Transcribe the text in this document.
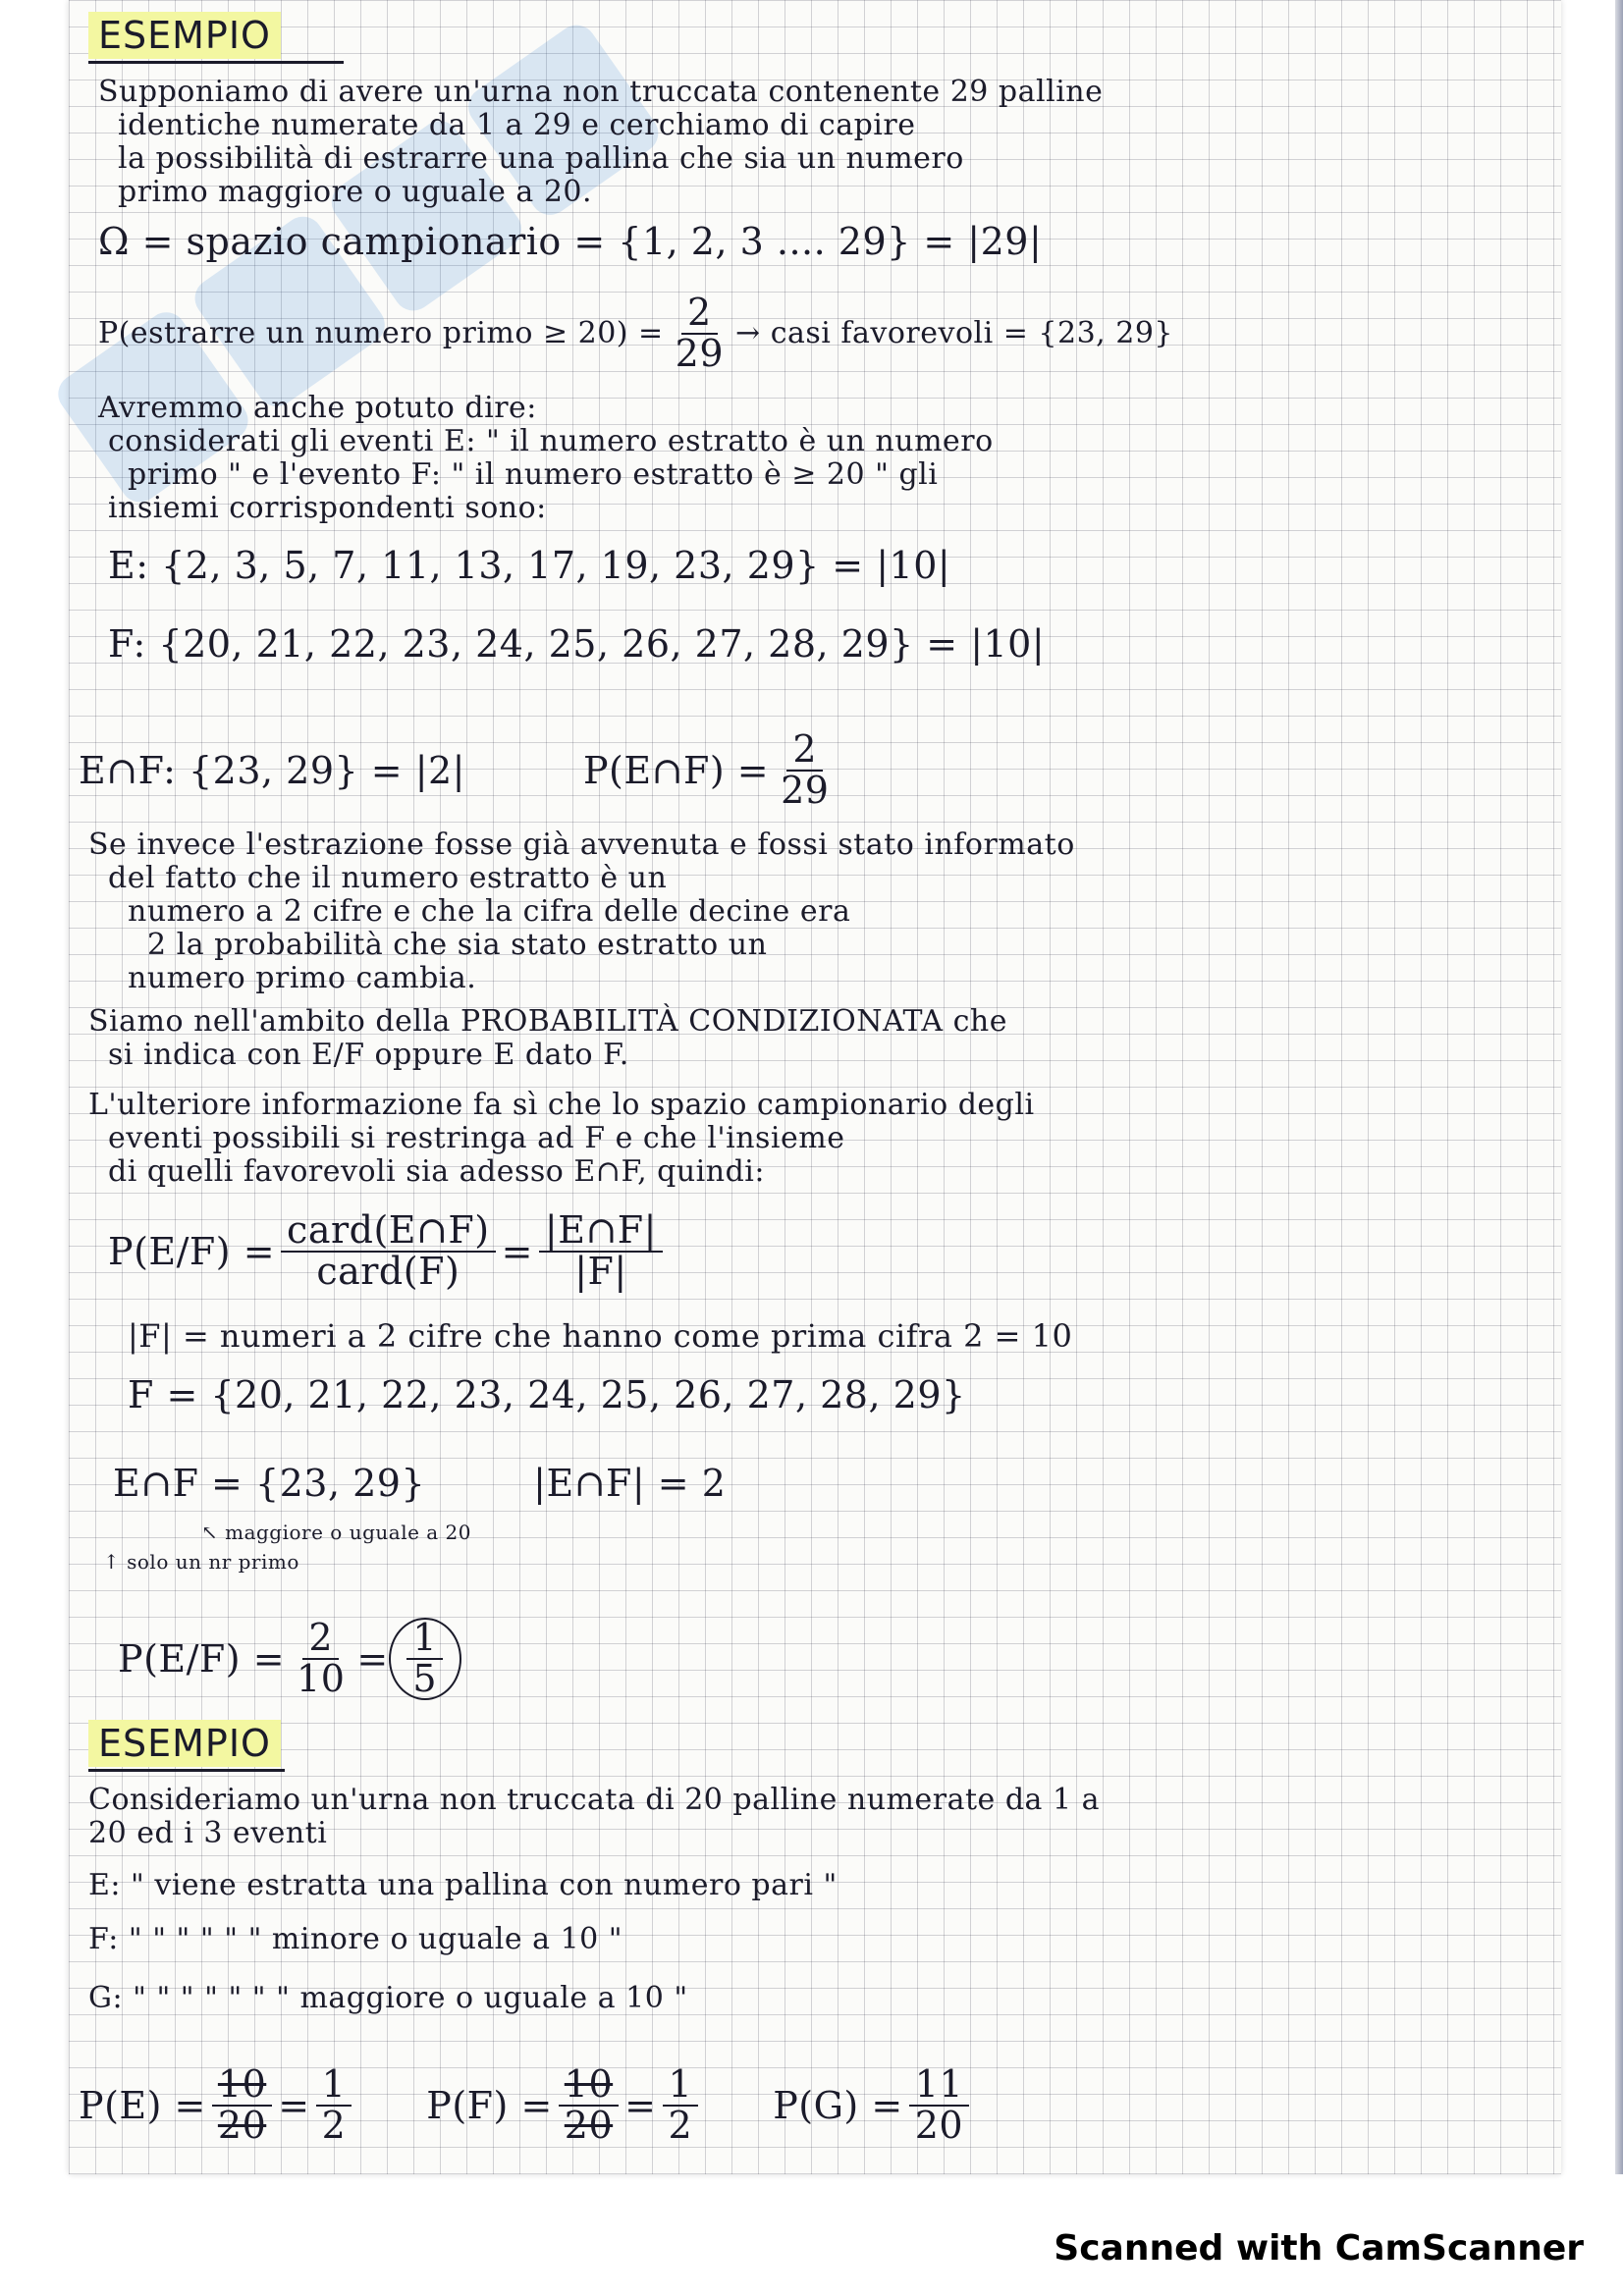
ESEMPIO
Supponiamo di avere un'urna non truccata contenente 29 palline
identiche numerate da 1 a 29 e cerchiamo di capire
la possibilità di estrarre una pallina che sia un numero
primo maggiore o uguale a 20.
Ω = spazio campionario = {1, 2, 3 .... 29} = |29|
P(estrarre un numero primo ≥ $20) = \frac{2}{29}$ → casi favorevoli = {23, 29}
Avremmo anche potuto dire:
considerati gli eventi E: " il numero estratto è un numero
primo " e l'evento F: " il numero estratto è ≥ 20 " gli
insiemi corrispondenti sono:
E: {2, 3, 5, 7, 11, 13, 17, 19, 23, 29} = |10|
F: {20, 21, 22, 23, 24, 25, 26, 27, 28, 29} = |10|
E∩F: {23, 29} = |2|	P(E∩F) = $\frac{2}{29}$
Se invece l'estrazione fosse già avvenuta e fossi stato informato
del fatto che il numero estratto è un
numero a 2 cifre e che la cifra delle decine era
2 la probabilità che sia stato estratto un
numero primo cambia.
Siamo nell'ambito della PROBABILITÀ CONDIZIONATA che
si indica con E/F oppure E dato F.
L'ulteriore informazione fa sì che lo spazio campionario degli
eventi possibili si restringa ad F e che l'insieme
di quelli favorevoli sia adesso E∩F, quindi:
$P(E/F) = \frac{\text{card(E∩F)}}{\text{card(F)}} = \frac{|E\cap F|}{|F|}$
|F| = numeri a 2 cifre che hanno come prima cifra 2 = 10
F = {20, 21, 22, 23, 24, 25, 26, 27, 28, 29}
E∩F = {23, 29}	|E∩F| = 2
↖ maggiore o uguale a 20
↑ solo un nr primo
$P(E/F) = \frac{2}{10} = \frac{1}{5}$
ESEMPIO
Consideriamo un'urna non truccata di 20 palline numerate da 1 a
20 ed i 3 eventi
E: " viene estratta una pallina con numero pari "
F: " " " " " " minore o uguale a 10 "
G: " " " " " " " maggiore o uguale a 10 "
$P(E) = \frac{10}{20} = \frac{1}{2} P(F) = \frac{10}{20} = \frac{1}{2} P(G) = \frac{11}{20}$
Scanned with CamScanner
